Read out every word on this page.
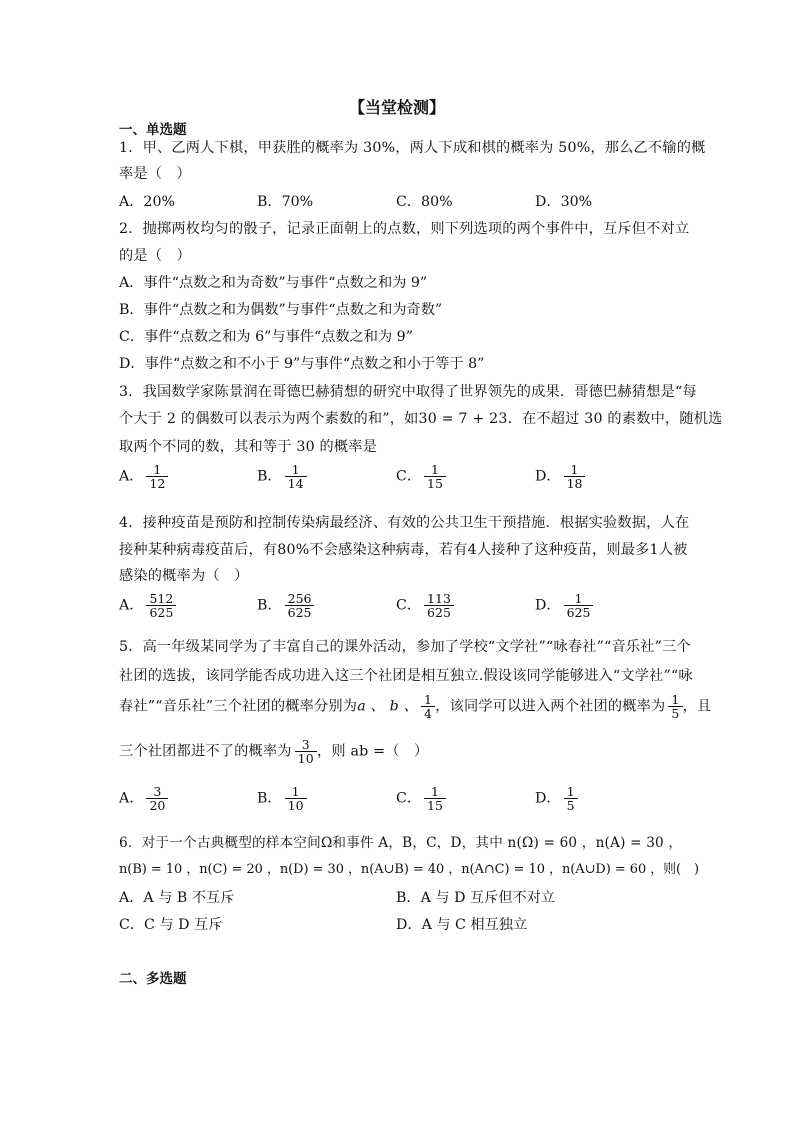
【当堂检测】
一、单选题
1．甲、乙两人下棋，甲获胜的概率为 30%，两人下成和棋的概率为 50%，那么乙不输的概
率是（　）
A．20%	B．70%	C．80%	D．30%
2．抛掷两枚均匀的骰子，记录正面朝上的点数，则下列选项的两个事件中，互斥但不对立
的是（　）
A．事件“点数之和为奇数”与事件“点数之和为 9”
B．事件“点数之和为偶数”与事件“点数之和为奇数”
C．事件“点数之和为 6”与事件“点数之和为 9”
D．事件“点数之和不小于 9”与事件“点数之和小于等于 8”
3．我国数学家陈景润在哥德巴赫猜想的研究中取得了世界领先的成果．哥德巴赫猜想是“每
个大于 2 的偶数可以表示为两个素数的和”，如30 = 7 + 23．在不超过 30 的素数中，随机选
取两个不同的数，其和等于 30 的概率是
A． $\frac{1}{12}$	B． $\frac{1}{14}$	C． $\frac{1}{15}$	D． $\frac{1}{18}$
4．接种疫苗是预防和控制传染病最经济、有效的公共卫生干预措施．根据实验数据，人在
接种某种病毒疫苗后，有80%不会感染这种病毒，若有4人接种了这种疫苗，则最多1人被
感染的概率为（　）
A． $\frac{512}{625}$	B． $\frac{256}{625}$	C． $\frac{113}{625}$	D． $\frac{1}{625}$
5．高一年级某同学为了丰富自己的课外活动，参加了学校“文学社”“咏春社”“音乐社”三个
社团的选拔，该同学能否成功进入这三个社团是相互独立.假设该同学能够进入“文学社”“咏
春社”“音乐社”三个社团的概率分别为a 、 b 、 $\frac{1}{4}$ ，该同学可以进入两个社团的概率为 $\frac{1}{5}$ ，且
三个社团都进不了的概率为 $\frac{3}{10}$ ，则 ab =（　）
A． $\frac{3}{20}$	B． $\frac{1}{10}$	C． $\frac{1}{15}$	D． $\frac{1}{5}$
6．对于一个古典概型的样本空间Ω和事件 A，B，C，D，其中 n(Ω) = 60 ，n(A) = 30 ，
n(B) = 10 ，n(C) = 20 ，n(D) = 30 ，n(A∪B) = 40 ，n(A∩C) = 10 ，n(A∪D) = 60 ，则(　)
A．A 与 B 不互斥	B．A 与 D 互斥但不对立
C．C 与 D 互斥	D．A 与 C 相互独立
二、多选题
